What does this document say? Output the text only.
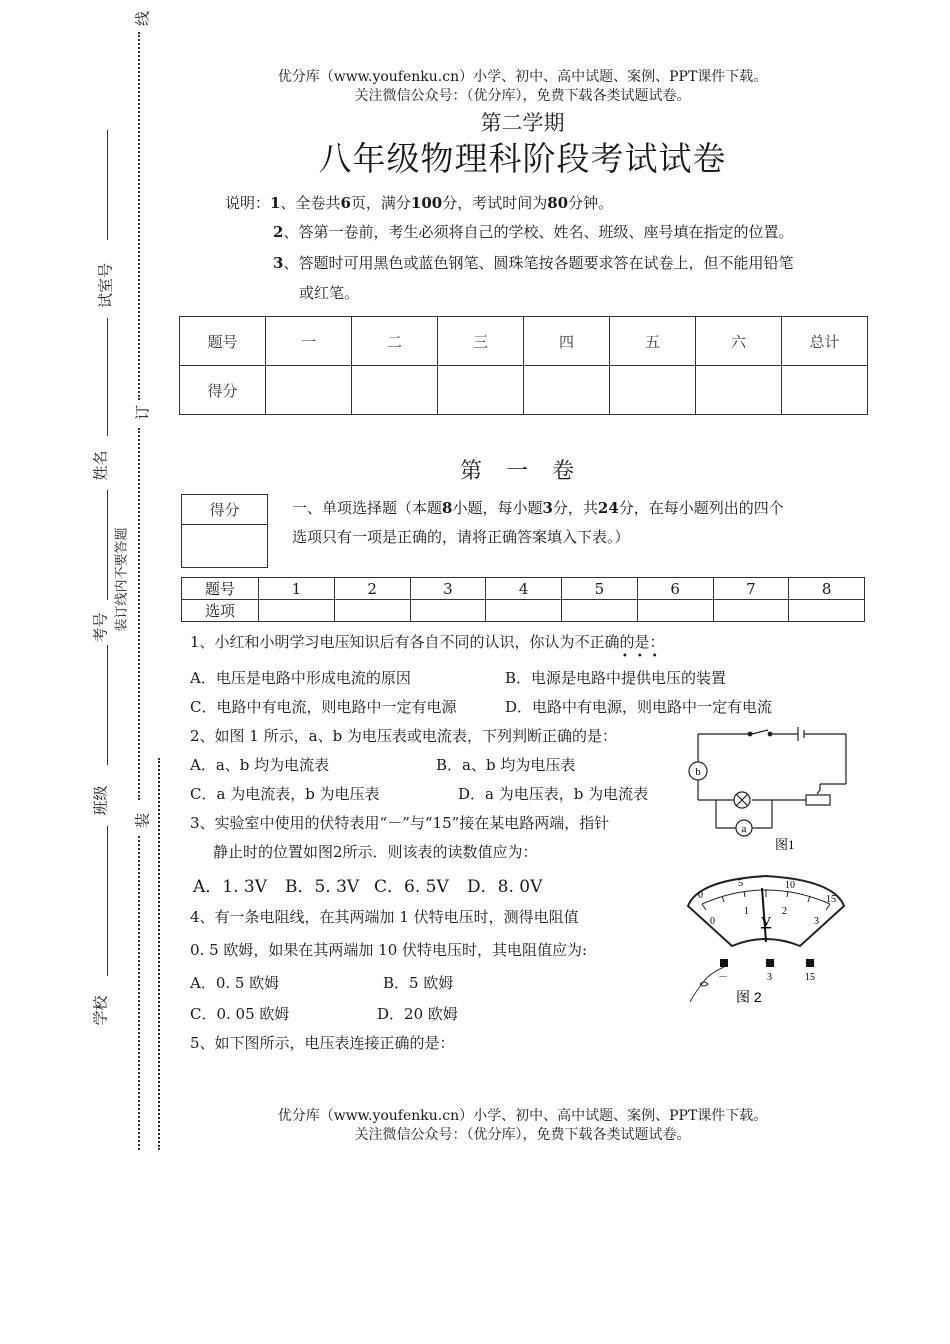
线
订
装
试室号
姓名
考号 装订线内不要答题
班级
学校
优分库（www.youfenku.cn）小学、初中、高中试题、案例、PPT课件下载。
关注微信公众号：（优分库），免费下载各类试题试卷。
第二学期
八年级物理科阶段考试试卷
说明：1、全卷共6页，满分100分，考试时间为80分钟。
2、答第一卷前，考生必须将自己的学校、姓名、班级、座号填在指定的位置。
3、答题时可用黑色或蓝色钢笔、圆珠笔按各题要求答在试卷上，但不能用铅笔
或红笔。
题号	一	二	三	四	五	六	总计
得分							
第一卷
得分	一、单项选择题（本题8小题，每小题3分，共24分，在每小题列出的四个
选项只有一项是正确的，请将正确答案填入下表。）
题号	1	2	3	4	5	6	7	8
选项								
1、小红和小明学习电压知识后有各自不同的认识，你认为不正确的是：
•••
A．电压是电路中形成电流的原因	B．电源是电路中提供电压的装置
C．电路中有电流，则电路中一定有电源	D．电路中有电源，则电路中一定有电流
2、如图 1 所示，a、b 为电压表或电流表，下列判断正确的是：
A．a、b 均为电流表	B．a、b 均为电压表
C．a 为电流表，b 为电压表	D．a 为电压表，b 为电流表
3、实验室中使用的伏特表用“－”与“15”接在某电路两端，指针
静止时的位置如图2所示．则该表的读数值应为：
A．1. 3V B．5. 3V C．6. 5V D．8. 0V
4、有一条电阻线，在其两端加 1 伏特电压时，测得电阻值
0. 5 欧姆，如果在其两端加 10 伏特电压时，其电阻值应为:
A．0. 5 欧姆	B．5 欧姆
C．0. 05 欧姆	D．20 欧姆
5、如下图所示，电压表连接正确的是：
b
a
图1
0
5	10
15
0
1	2
3
V
－	3	15
图 2
优分库（www.youfenku.cn）小学、初中、高中试题、案例、PPT课件下载。
关注微信公众号：（优分库），免费下载各类试题试卷。
